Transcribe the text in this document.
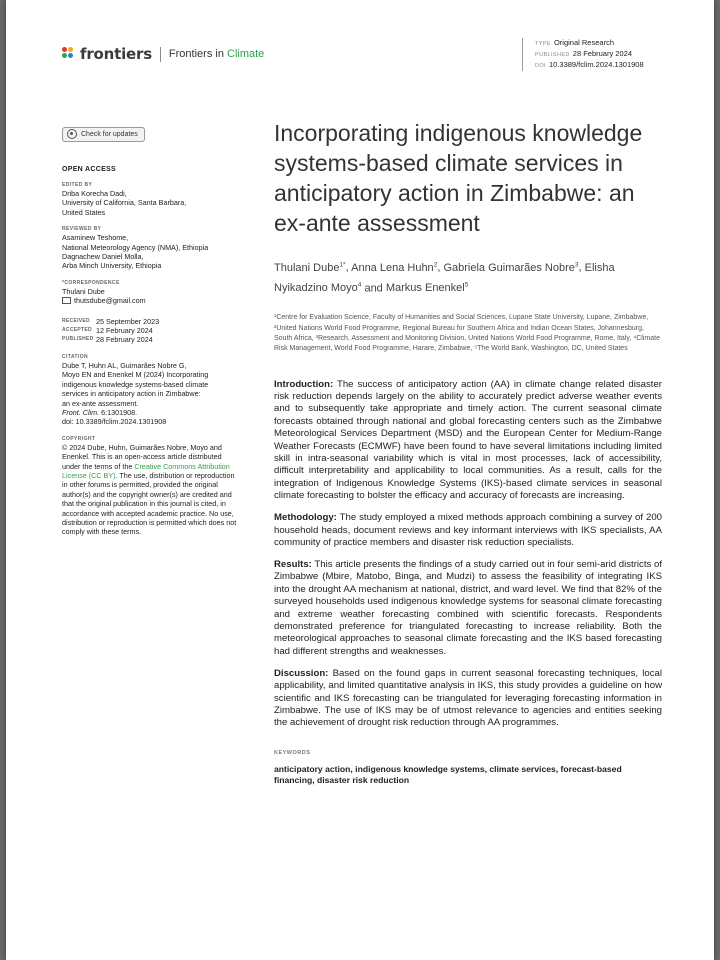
frontiers Frontiers in Climate
TYPE Original Research
PUBLISHED 28 February 2024
DOI 10.3389/fclim.2024.1301908
Check for updates
OPEN ACCESS
EDITED BY
Driba Korecha Dadi,
University of California, Santa Barbara,
United States
REVIEWED BY
Asaminew Teshome,
National Meteorology Agency (NMA), Ethiopia
Dagnachew Daniel Molla,
Arba Minch University, Ethiopia
*CORRESPONDENCE
Thulani Dube
thutsdube@gmail.com
RECEIVED 25 September 2023
ACCEPTED 12 February 2024
PUBLISHED 28 February 2024
CITATION
Dube T, Huhn AL, Guimarães Nobre G,
Moyo EN and Enenkel M (2024) Incorporating
indigenous knowledge systems-based climate
services in anticipatory action in Zimbabwe:
an ex-ante assessment.
Front. Clim. 6:1301908.
doi: 10.3389/fclim.2024.1301908
COPYRIGHT
© 2024 Dube, Huhn, Guimarães Nobre, Moyo and Enenkel. This is an open-access article distributed under the terms of the Creative Commons Attribution License (CC BY). The use, distribution or reproduction in other forums is permitted, provided the original author(s) and the copyright owner(s) are credited and that the original publication in this journal is cited, in accordance with accepted academic practice. No use, distribution or reproduction is permitted which does not comply with these terms.
Incorporating indigenous knowledge systems-based climate services in anticipatory action in Zimbabwe: an ex-ante assessment
Thulani Dube$^{1*}$, Anna Lena Huhn$^2$, Gabriela Guimarães Nobre$^3$, Elisha Nyikadzino Moyo$^4$ and Markus Enenkel$^5$
¹Centre for Evaluation Science, Faculty of Humanities and Social Sciences, Lupane State University, Lupane, Zimbabwe, ²United Nations World Food Programme, Regional Bureau for Southern Africa and Indian Ocean States, Johannesburg, South Africa, ³Research, Assessment and Monitoring Division, United Nations World Food Programme, Rome, Italy, ⁴Climate Risk Management, World Food Programme, Harare, Zimbabwe, ⁵The World Bank, Washington, DC, United States

Introduction: The success of anticipatory action (AA) in climate change related disaster risk reduction depends largely on the ability to accurately predict adverse weather events and to subsequently take appropriate and timely action. The current seasonal climate forecasts obtained through national and global forecasting centers such as the Zimbabwe Meteorological Services Department (MSD) and the European Center for Medium-Range Weather Forecasts (ECMWF) have been found to have several limitations including limited skill in intra-seasonal variability which is vital in most processes, lack of accessibility, difficult interpretability and applicability to local communities. As a result, calls for the integration of Indigenous Knowledge Systems (IKS)-based climate services in seasonal climate forecasting to bolster the efficacy and accuracy of forecasts are increasing.

Methodology: The study employed a mixed methods approach combining a survey of 200 household heads, document reviews and key informant interviews with IKS specialists, AA community of practice members and disaster risk reduction specialists.

Results: This article presents the findings of a study carried out in four semi-arid districts of Zimbabwe (Mbire, Matobo, Binga, and Mudzi) to assess the feasibility of integrating IKS into the drought AA mechanism at national, district, and ward level. We find that 82% of the surveyed households used indigenous knowledge systems for seasonal climate forecasting and extreme weather forecasting combined with scientific forecasts. Respondents demonstrated preference for triangulated forecasting to increase reliability. Both the meteorological approaches to seasonal climate forecasting and the IKS based forecasting had different strengths and weaknesses.

Discussion: Based on the found gaps in current seasonal forecasting techniques, local applicability, and limited quantitative analysis in IKS, this study provides a guideline on how scientific and IKS forecasting can be triangulated for leveraging forecasting information in Zimbabwe. The use of IKS may be of utmost relevance to agencies and entities seeking the achievement of drought risk reduction through AA programmes.

KEYWORDS
anticipatory action, indigenous knowledge systems, climate services, forecast-based financing, disaster risk reduction
